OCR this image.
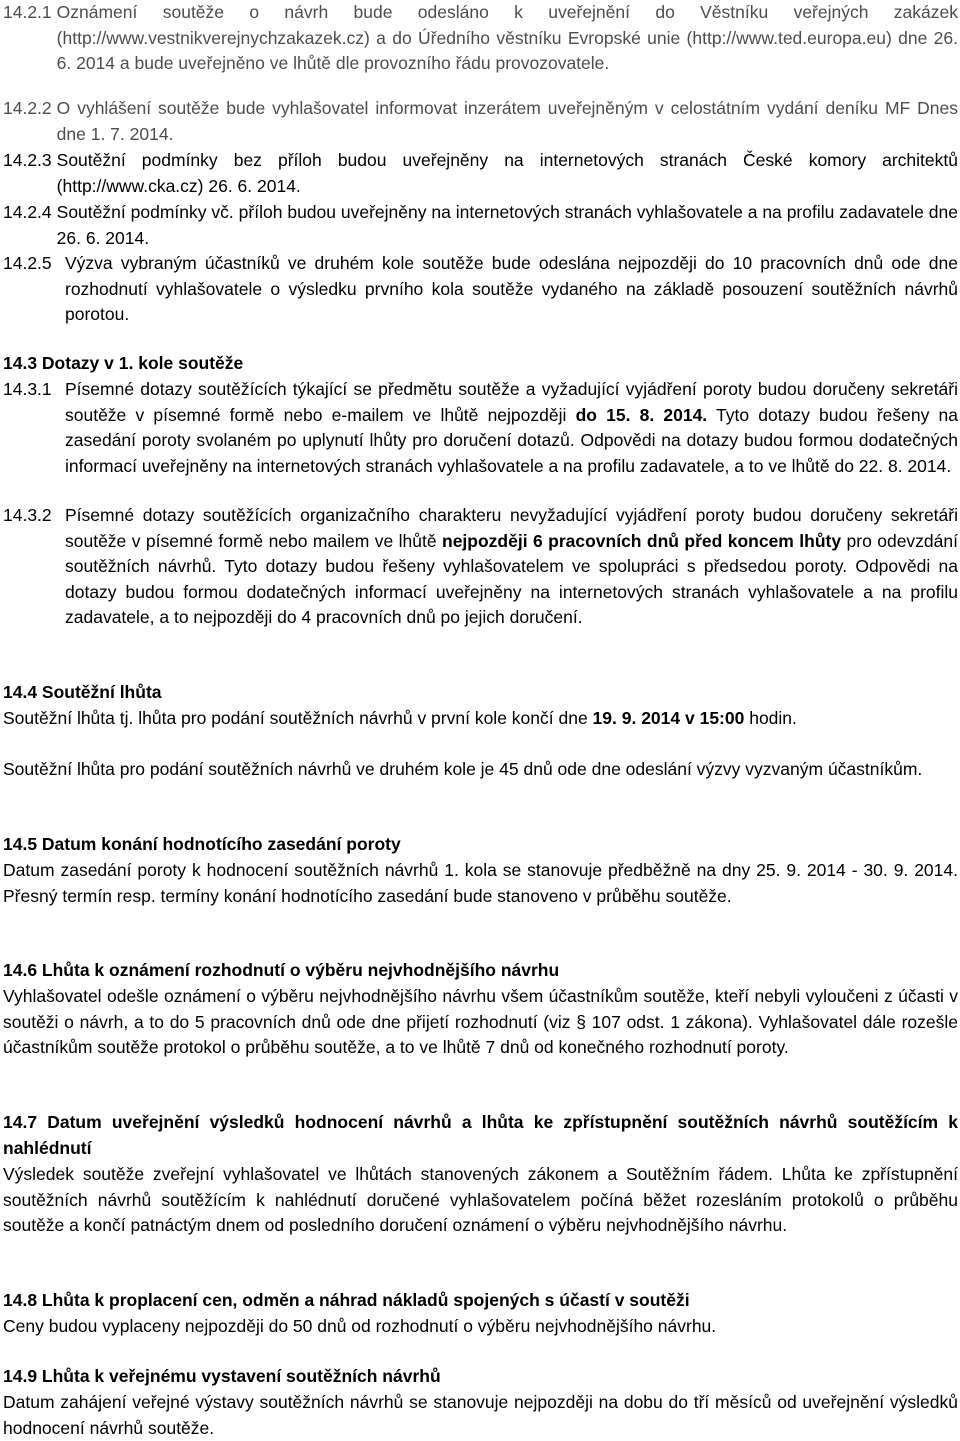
14.2.1 Oznámení soutěže o návrh bude odesláno k uveřejnění do Věstníku veřejných zakázek (http://www.vestnikverejnychzakazek.cz) a do Úředního věstníku Evropské unie (http://www.ted.europa.eu) dne 26. 6. 2014 a bude uveřejněno ve lhůtě dle provozního řádu provozovatele.
14.2.2 O vyhlášení soutěže bude vyhlašovatel informovat inzerátem uveřejněným v celostátním vydání deníku MF Dnes dne 1. 7. 2014.
14.2.3 Soutěžní podmínky bez příloh budou uveřejněny na internetových stranách České komory architektů (http://www.cka.cz) 26. 6. 2014.
14.2.4 Soutěžní podmínky vč. příloh budou uveřejněny na internetových stranách vyhlašovatele a na profilu zadavatele dne 26. 6. 2014.
14.2.5 Výzva vybraným účastníků ve druhém kole soutěže bude odeslána nejpozději do 10 pracovních dnů ode dne rozhodnutí vyhlašovatele o výsledku prvního kola soutěže vydaného na základě posouzení soutěžních návrhů porotou.
14.3 Dotazy v 1. kole soutěže
14.3.1 Písemné dotazy soutěžících týkající se předmětu soutěže a vyžadující vyjádření poroty budou doručeny sekretáři soutěže v písemné formě nebo e-mailem ve lhůtě nejpozději do 15. 8. 2014. Tyto dotazy budou řešeny na zasedání poroty svolaném po uplynutí lhůty pro doručení dotazů. Odpovědi na dotazy budou formou dodatečných informací uveřejněny na internetových stranách vyhlašovatele a na profilu zadavatele, a to ve lhůtě do 22. 8. 2014.
14.3.2 Písemné dotazy soutěžících organizačního charakteru nevyžadující vyjádření poroty budou doručeny sekretáři soutěže v písemné formě nebo mailem ve lhůtě nejpozději 6 pracovních dnů před koncem lhůty pro odevzdání soutěžních návrhů. Tyto dotazy budou řešeny vyhlašovatelem ve spolupráci s předsedou poroty. Odpovědi na dotazy budou formou dodatečných informací uveřejněny na internetových stranách vyhlašovatele a na profilu zadavatele, a to nejpozději do 4 pracovních dnů po jejich doručení.
14.4 Soutěžní lhůta
Soutěžní lhůta tj. lhůta pro podání soutěžních návrhů v první kole končí dne 19. 9. 2014 v 15:00 hodin.
Soutěžní lhůta pro podání soutěžních návrhů ve druhém kole je 45 dnů ode dne odeslání výzvy vyzvaným účastníkům.
14.5 Datum konání hodnotícího zasedání poroty
Datum zasedání poroty k hodnocení soutěžních návrhů 1. kola se stanovuje předběžně na dny 25. 9. 2014 - 30. 9. 2014. Přesný termín resp. termíny konání hodnotícího zasedání bude stanoveno v průběhu soutěže.
14.6 Lhůta k oznámení rozhodnutí o výběru nejvhodnějšího návrhu
Vyhlašovatel odešle oznámení o výběru nejvhodnějšího návrhu všem účastníkům soutěže, kteří nebyli vyloučeni z účasti v soutěži o návrh, a to do 5 pracovních dnů ode dne přijetí rozhodnutí (viz § 107 odst. 1 zákona). Vyhlašovatel dále rozešle účastníkům soutěže protokol o průběhu soutěže, a to ve lhůtě 7 dnů od konečného rozhodnutí poroty.
14.7 Datum uveřejnění výsledků hodnocení návrhů a lhůta ke zpřístupnění soutěžních návrhů soutěžícím k nahlédnutí
Výsledek soutěže zveřejní vyhlašovatel ve lhůtách stanovených zákonem a Soutěžním řádem. Lhůta ke zpřístupnění soutěžních návrhů soutěžícím k nahlédnutí doručené vyhlašovatelem počíná běžet rozesláním protokolů o průběhu soutěže a končí patnáctým dnem od posledního doručení oznámení o výběru nejvhodnějšího návrhu.
14.8 Lhůta k proplacení cen, odměn a náhrad nákladů spojených s účastí v soutěži
Ceny budou vyplaceny nejpozději do 50 dnů od rozhodnutí o výběru nejvhodnějšího návrhu.
14.9 Lhůta k veřejnému vystavení soutěžních návrhů
Datum zahájení veřejné výstavy soutěžních návrhů se stanovuje nejpozději na dobu do tří měsíců od uveřejnění výsledků hodnocení návrhů soutěže.
